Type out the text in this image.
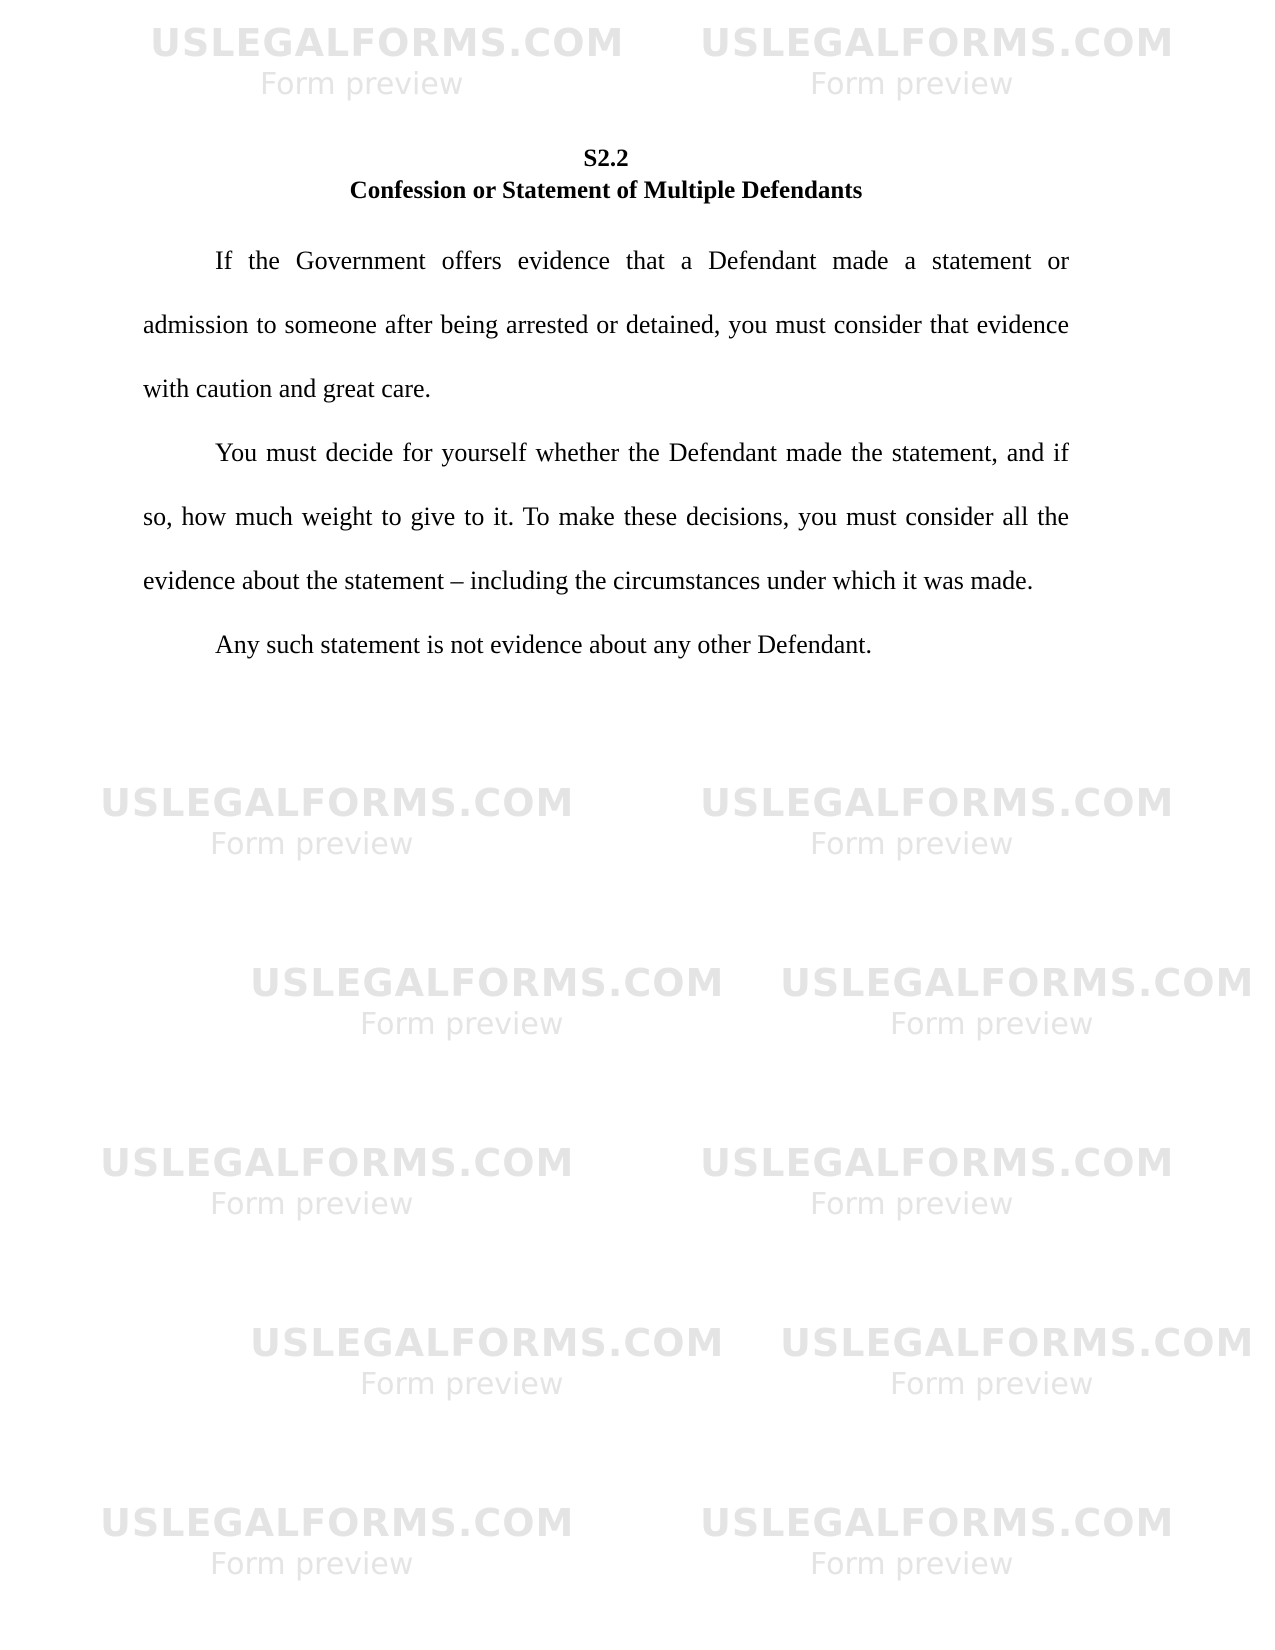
USLEGALFORMS.COM
Form preview
USLEGALFORMS.COM
Form preview
USLEGALFORMS.COM
Form preview
USLEGALFORMS.COM
Form preview
USLEGALFORMS.COM
Form preview
USLEGALFORMS.COM
Form preview
USLEGALFORMS.COM
Form preview
USLEGALFORMS.COM
Form preview
USLEGALFORMS.COM
Form preview
USLEGALFORMS.COM
Form preview
USLEGALFORMS.COM
Form preview
USLEGALFORMS.COM
Form preview
S2.2
Confession or Statement of Multiple Defendants

If the Government offers evidence that a Defendant made a statement or admission to someone after being arrested or detained, you must consider that evidence with caution and great care.

You must decide for yourself whether the Defendant made the statement, and if so, how much weight to give to it. To make these decisions, you must consider all the evidence about the statement – including the circumstances under which it was made.

Any such statement is not evidence about any other Defendant.
